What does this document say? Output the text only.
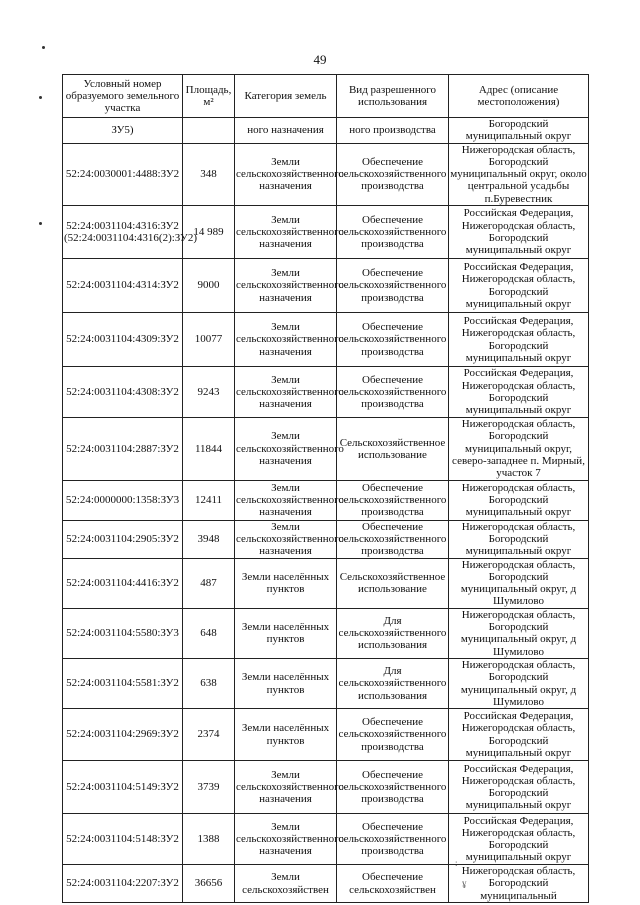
49
Условный номер образуемого земельного участка	Площадь, м²	Категория земель	Вид разрешенного использования	Адрес (описание местоположения)
ЗУ5)		ного назначения	ного производства	Богородский муниципальный округ
52:24:0030001:4488:ЗУ2	348	Земли сельскохозяйственного назначения	Обеспечение сельскохозяйственного производства	Нижегородская область, Богородский муниципальный округ, около центральной усадьбы п.Буревестник
52:24:0031104:4316:ЗУ2 (52:24:0031104:4316(2):ЗУ2)	14 989	Земли сельскохозяйственного назначения	Обеспечение сельскохозяйственного производства	Российская Федерация, Нижегородская область, Богородский муниципальный округ
52:24:0031104:4314:ЗУ2	9000	Земли сельскохозяйственного назначения	Обеспечение сельскохозяйственного производства	Российская Федерация, Нижегородская область, Богородский муниципальный округ
52:24:0031104:4309:ЗУ2	10077	Земли сельскохозяйственного назначения	Обеспечение сельскохозяйственного производства	Российская Федерация, Нижегородская область, Богородский муниципальный округ
52:24:0031104:4308:ЗУ2	9243	Земли сельскохозяйственного назначения	Обеспечение сельскохозяйственного производства	Российская Федерация, Нижегородская область, Богородский муниципальный округ
52:24:0031104:2887:ЗУ2	11844	Земли сельскохозяйственного назначения	Сельскохозяйственное использование	Нижегородская область, Богородский муниципальный округ, северо-западнее п. Мирный, участок 7
52:24:0000000:1358:ЗУ3	12411	Земли сельскохозяйственного назначения	Обеспечение сельскохозяйственного производства	Нижегородская область, Богородский муниципальный округ
52:24:0031104:2905:ЗУ2	3948	Земли сельскохозяйственного назначения	Обеспечение сельскохозяйственного производства	Нижегородская область, Богородский муниципальный округ
52:24:0031104:4416:ЗУ2	487	Земли населённых пунктов	Сельскохозяйственное использование	Нижегородская область, Богородский муниципальный округ, д Шумилово
52:24:0031104:5580:ЗУ3	648	Земли населённых пунктов	Для сельскохозяйственного использования	Нижегородская область, Богородский муниципальный округ, д Шумилово
52:24:0031104:5581:ЗУ2	638	Земли населённых пунктов	Для сельскохозяйственного использования	Нижегородская область, Богородский муниципальный округ, д Шумилово
52:24:0031104:2969:ЗУ2	2374	Земли населённых пунктов	Обеспечение сельскохозяйственного производства	Российская Федерация, Нижегородская область, Богородский муниципальный округ
52:24:0031104:5149:ЗУ2	3739	Земли сельскохозяйственного назначения	Обеспечение сельскохозяйственного производства	Российская Федерация, Нижегородская область, Богородский муниципальный округ
52:24:0031104:5148:ЗУ2	1388	Земли сельскохозяйственного назначения	Обеспечение сельскохозяйственного производства	Российская Федерация, Нижегородская область, Богородский муниципальный округ
52:24:0031104:2207:ЗУ2	36656	Земли сельскохозяйствен	Обеспечение сельскохозяйствен	Нижегородская область, Богородский муниципальный
:
¥
